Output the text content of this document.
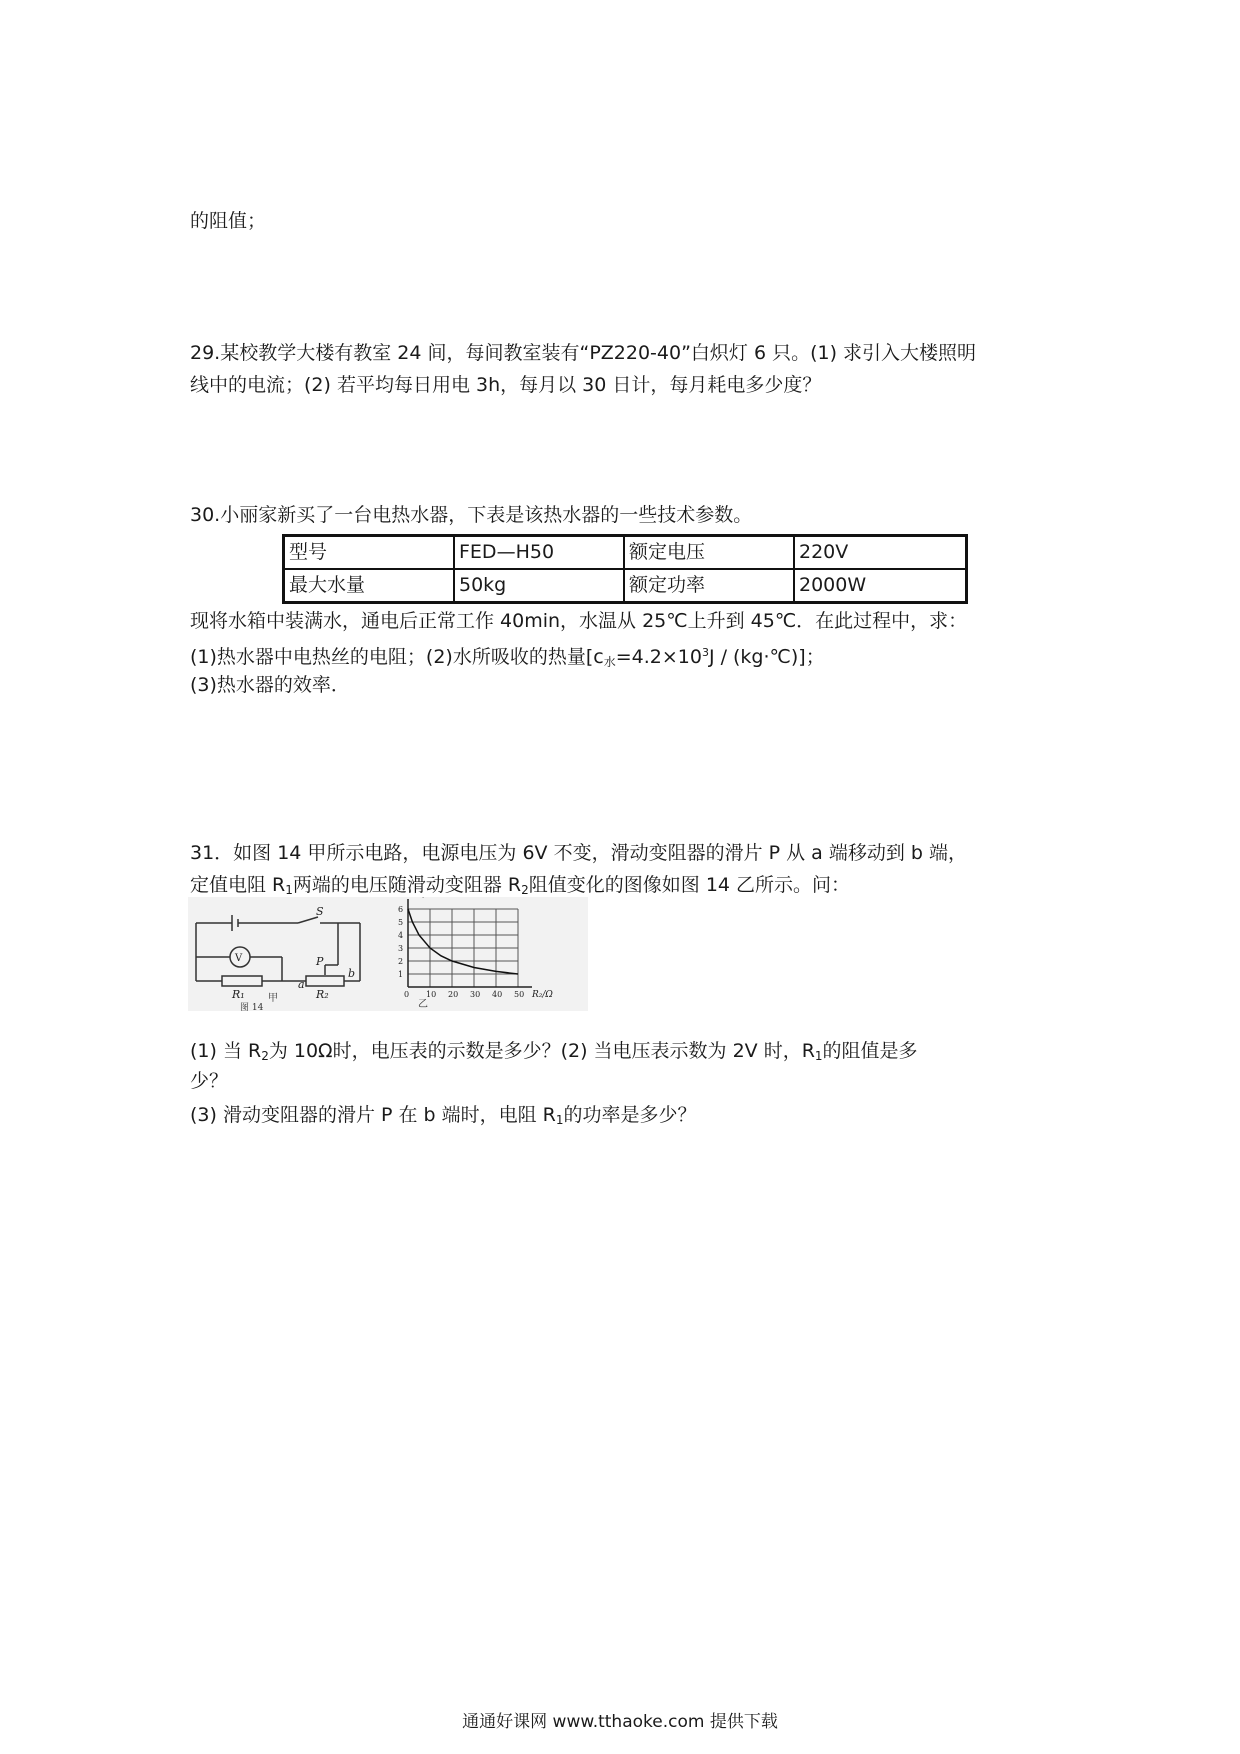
的阻值；
29.某校教学大楼有教室 24 间，每间教室装有“PZ220-40”白炽灯 6 只。(1) 求引入大楼照明
线中的电流；(2) 若平均每日用电 3h，每月以 30 日计，每月耗电多少度？
30.小丽家新买了一台电热水器，下表是该热水器的一些技术参数。
型号	FED—H50	额定电压	220V
最大水量	50kg	额定功率	2000W
现将水箱中装满水，通电后正常工作 40min，水温从 25℃上升到 45℃．在此过程中，求：
(1)热水器中电热丝的电阻；(2)水所吸收的热量[$c_水=4.2\times 10^3J$ / (kg·℃)]；
(3)热水器的效率．
31．如图 14 甲所示电路，电源电压为 6V 不变，滑动变阻器的滑片 P 从 a 端移动到 b 端，
定值电阻 $R_1$两端的电压随滑动变阻器 $R_2$阻值变化的图像如图 14 乙所示。问：
S
V	P
a
b
R₁	R₂
甲
图 14
1
2
3
4
5
6
0 10 20 30 40 50 R₂/Ω
乙
(1) 当 $R_2$为 10Ω时，电压表的示数是多少？(2) 当电压表示数为 2V 时，$R_1$的阻值是多
少？
(3) 滑动变阻器的滑片 P 在 b 端时，电阻 $R_1$的功率是多少？
通通好课网 www.tthaoke.com 提供下载
